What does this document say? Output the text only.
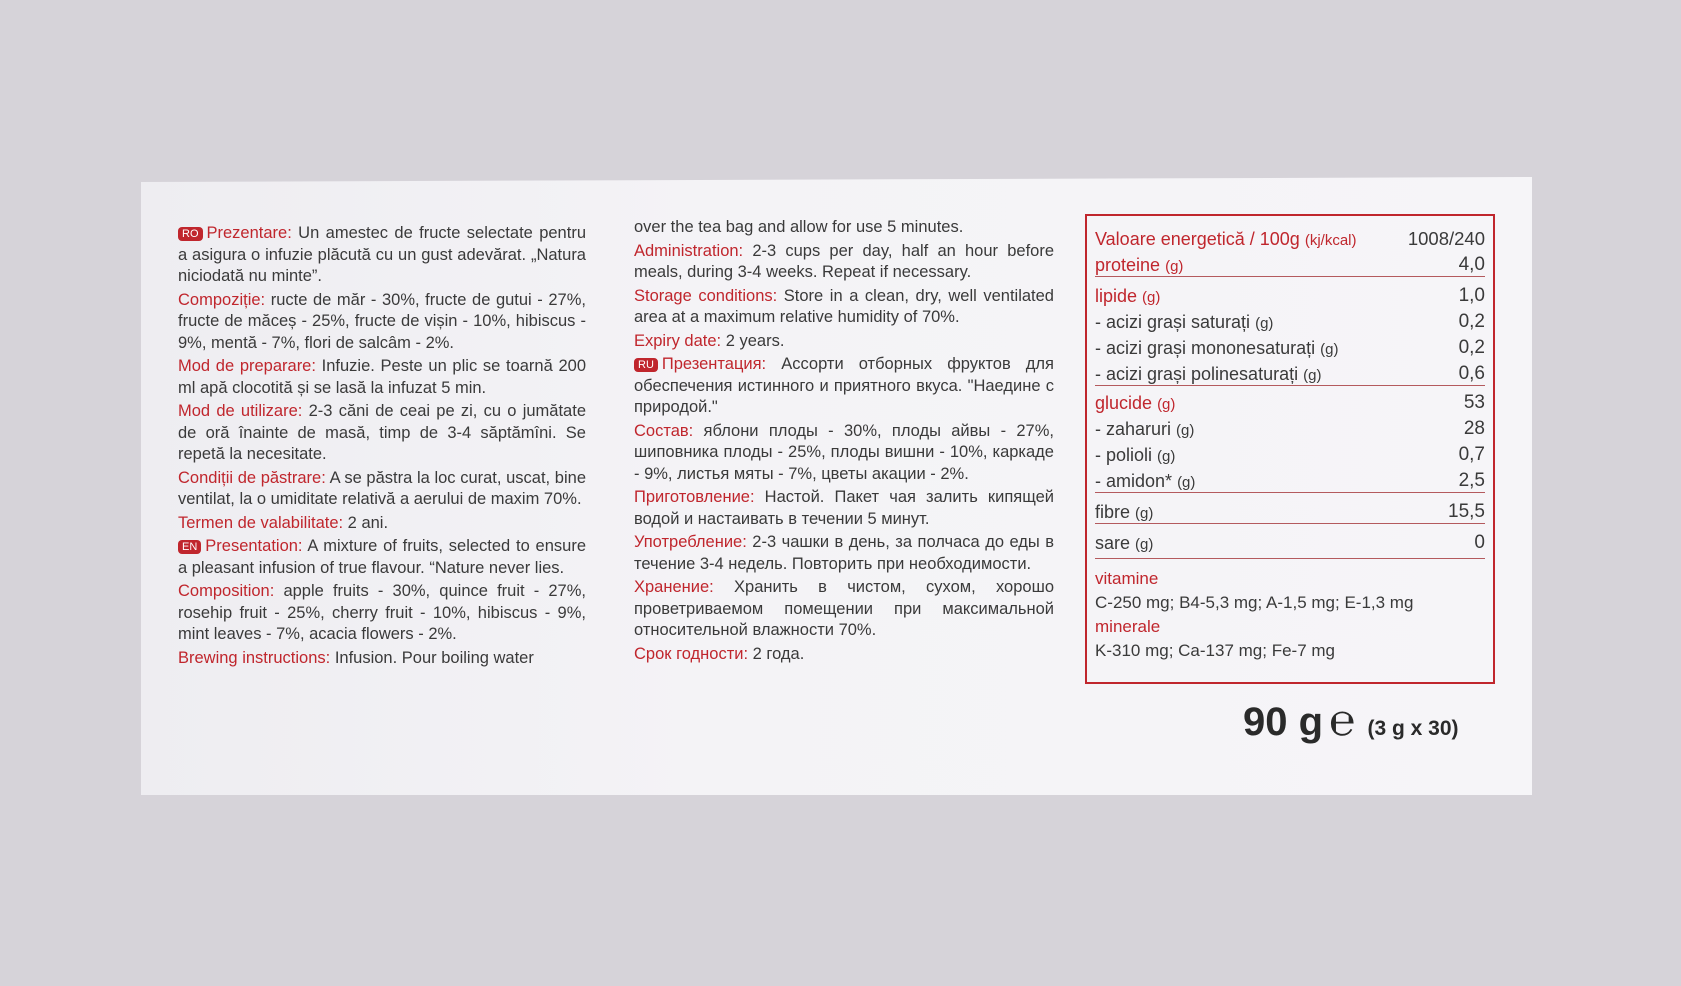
RO Prezentare: Un amestec de fructe selectate pentru a asigura o infuzie plăcută cu un gust adevărat. „Natura niciodată nu minte”.

Compoziție: ructe de măr - 30%, fructe de gutui - 27%, fructe de măceș - 25%, fructe de vișin - 10%, hibiscus - 9%, mentă - 7%, flori de salcâm - 2%.

Mod de preparare: Infuzie. Peste un plic se toarnă 200 ml apă clocotită și se lasă la infuzat 5 min.

Mod de utilizare: 2-3 căni de ceai pe zi, cu o jumătate de oră înainte de masă, timp de 3-4 săptămîni. Se repetă la necesitate.

Condiții de păstrare: A se păstra la loc curat, uscat, bine ventilat, la o umiditate relativă a aerului de maxim 70%.

Termen de valabilitate: 2 ani.

EN Presentation: A mixture of fruits, selected to ensure a pleasant infusion of true flavour. “Nature never lies.

Composition: apple fruits - 30%, quince fruit - 27%, rosehip fruit - 25%, cherry fruit - 10%, hibiscus - 9%, mint leaves - 7%, acacia flowers - 2%.

Brewing instructions: Infusion. Pour boiling water

over the tea bag and allow for use 5 minutes.

Administration: 2-3 cups per day, half an hour before meals, during 3-4 weeks. Repeat if necessary.

Storage conditions: Store in a clean, dry, well ventilated area at a maximum relative humidity of 70%.

Expiry date: 2 years.

RU Презентация: Ассорти отборных фруктов для обеспечения истинного и приятного вкуса. "Наедине с природой."

Состав: яблони плоды - 30%, плоды айвы - 27%, шиповника плоды - 25%, плоды вишни - 10%, каркаде - 9%, листья мяты - 7%, цветы акации - 2%.

Приготовление: Настой. Пакет чая залить кипящей водой и настаивать в течении 5 минут.

Употребление: 2-3 чашки в день, за полчаса до еды в течение 3-4 недель. Повторить при необходимости.

Хранение: Хранить в чистом, сухом, хорошо проветриваемом помещении при максимальной относительной влажности 70%.

Срок годности: 2 года.

Valoare energetică / 100g (kj/kcal)	1008/240
proteine (g)	4,0
lipide (g)	1,0
- acizi grași saturați (g)	0,2
- acizi grași mononesaturați (g)	0,2
- acizi grași polinesaturați (g)	0,6
glucide (g)	53
- zaharuri (g)	28
- polioli (g)	0,7
- amidon* (g)	2,5
fibre (g)	15,5
sare (g)	0
vitamine
C-250 mg; B4-5,3 mg; A-1,5 mg; E-1,3 mg
minerale
K-310 mg; Ca-137 mg; Fe-7 mg
90 g ℮ (3 g x 30)
